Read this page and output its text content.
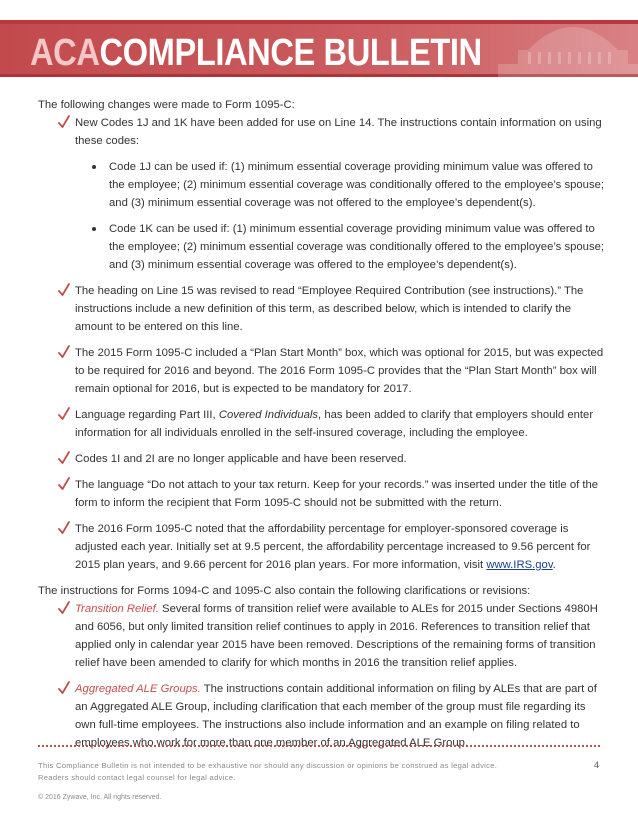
ACACOMPLIANCE BULLETIN

The following changes were made to Form 1095-C:

New Codes 1J and 1K have been added for use on Line 14. The instructions contain information on using these codes:

Code 1J can be used if: (1) minimum essential coverage providing minimum value was offered to the employee; (2) minimum essential coverage was conditionally offered to the employee’s spouse; and (3) minimum essential coverage was not offered to the employee’s dependent(s).
Code 1K can be used if: (1) minimum essential coverage providing minimum value was offered to the employee; (2) minimum essential coverage was conditionally offered to the employee’s spouse; and (3) minimum essential coverage was offered to the employee’s dependent(s).

The heading on Line 15 was revised to read “Employee Required Contribution (see instructions).” The instructions include a new definition of this term, as described below, which is intended to clarify the amount to be entered on this line.

The 2015 Form 1095-C included a “Plan Start Month” box, which was optional for 2015, but was expected to be required for 2016 and beyond. The 2016 Form 1095-C provides that the “Plan Start Month” box will remain optional for 2016, but is expected to be mandatory for 2017.

Language regarding Part III, Covered Individuals, has been added to clarify that employers should enter information for all individuals enrolled in the self-insured coverage, including the employee.

Codes 1I and 2I are no longer applicable and have been reserved.

The language “Do not attach to your tax return. Keep for your records.” was inserted under the title of the form to inform the recipient that Form 1095-C should not be submitted with the return.

The 2016 Form 1095-C noted that the affordability percentage for employer-sponsored coverage is adjusted each year. Initially set at 9.5 percent, the affordability percentage increased to 9.56 percent for 2015 plan years, and 9.66 percent for 2016 plan years. For more information, visit www.IRS.gov.

The instructions for Forms 1094-C and 1095-C also contain the following clarifications or revisions:

Transition Relief. Several forms of transition relief were available to ALEs for 2015 under Sections 4980H and 6056, but only limited transition relief continues to apply in 2016. References to transition relief that applied only in calendar year 2015 have been removed. Descriptions of the remaining forms of transition relief have been amended to clarify for which months in 2016 the transition relief applies.

Aggregated ALE Groups. The instructions contain additional information on filing by ALEs that are part of an Aggregated ALE Group, including clarification that each member of the group must file regarding its own full-time employees. The instructions also include information and an example on filing related to employees who work for more than one member of an Aggregated ALE Group.

This Compliance Bulletin is not intended to be exhaustive nor should any discussion or opinions be construed as legal advice.
Readers should contact legal counsel for legal advice.
4
© 2016 Zywave, Inc. All rights reserved.
